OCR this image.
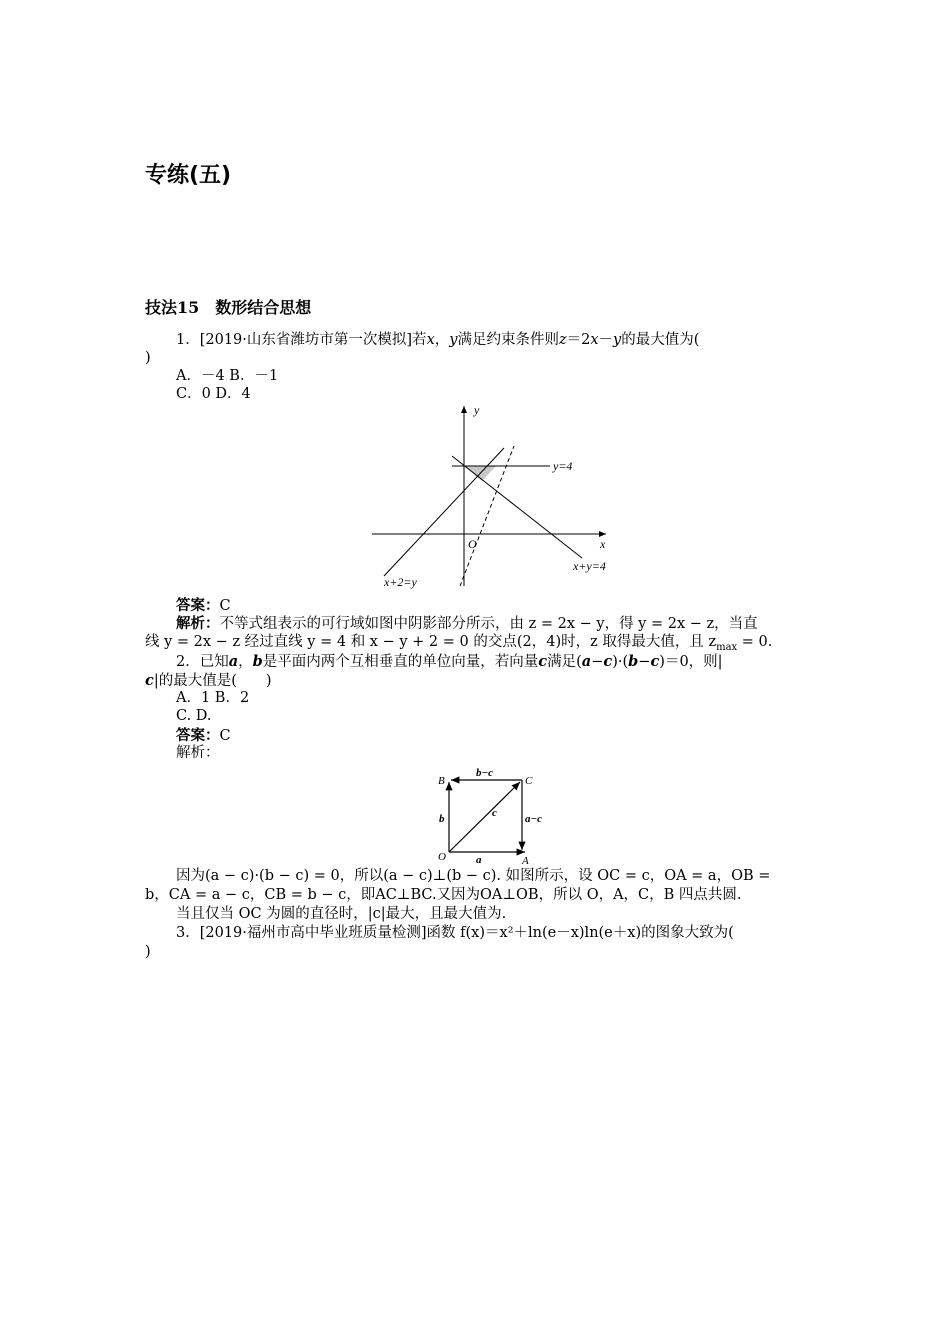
专练(五)
技法15　数形结合思想
1．[2019·山东省潍坊市第一次模拟]若x，y满足约束条件则z＝2x－y的最大值为(
)
A．－4 B．－1
C．0 D．4
y
x
O
y=4
x+y=4
x+2=y
答案：C
解析：不等式组表示的可行域如图中阴影部分所示，由 z = 2x − y，得 y = 2x − z，当直
线 y = 2x − z 经过直线 y = 4 和 x − y + 2 = 0 的交点(2，4)时，z 取得最大值，且 $z_{max} = 0$.
2．已知a，b是平面内两个互相垂直的单位向量，若向量c满足(a−c)·(b−c)＝0，则|
c|的最大值是(　　)
A．1 B．2
C. D.
答案：C
解析：
B	C
O	A
b−c
b	a−c
a
c
因为(a − c)·(b − c) = 0，所以(a − c)⊥(b − c). 如图所示，设 OC = c，OA = a，OB =
b，CA = a − c，CB = b − c，即AC⊥BC.又因为OA⊥OB，所以 O，A，C，B 四点共圆.
当且仅当 OC 为圆的直径时，|c|最大，且最大值为.
3．[2019·福州市高中毕业班质量检测]函数 f(x)＝x²＋ln(e－x)ln(e＋x)的图象大致为(
)
